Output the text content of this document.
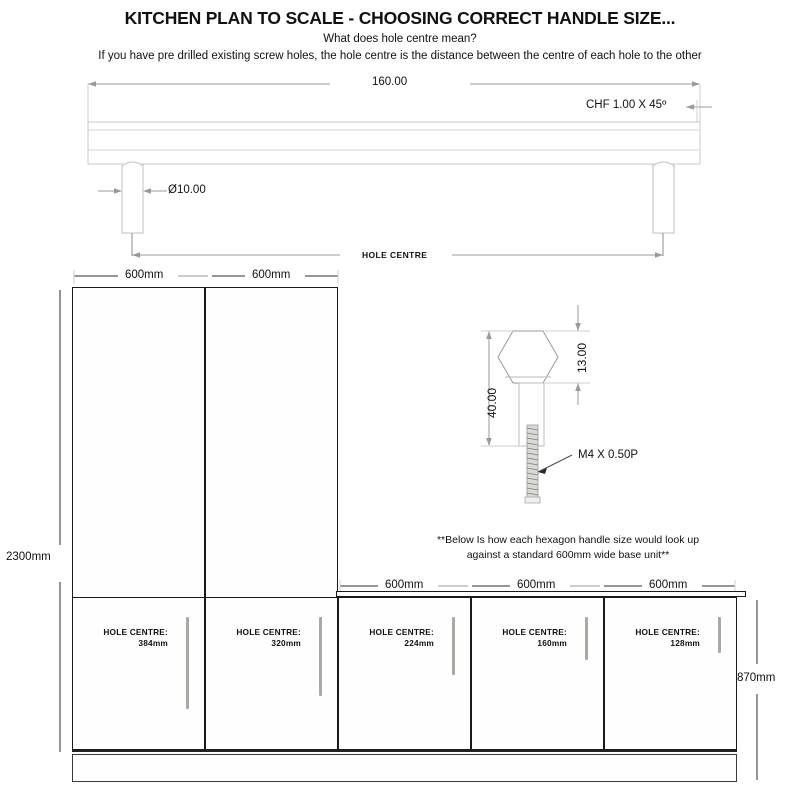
KITCHEN PLAN TO SCALE - CHOOSING CORRECT HANDLE SIZE...
What does hole centre mean?
If you have pre drilled existing screw holes, the hole centre is the distance between the centre of each hole to the other
160.00
CHF 1.00 X 45º
Ø10.00
HOLE CENTRE
600mm	600mm
2300mm
40.00
13.00
M4 X 0.50P
**Below Is how each hexagon handle size would look up
against a standard 600mm wide base unit**
600mm	600mm	600mm
HOLE CENTRE:
384mm
HOLE CENTRE:
320mm
HOLE CENTRE:
224mm
HOLE CENTRE:
160mm
HOLE CENTRE:
128mm
870mm
